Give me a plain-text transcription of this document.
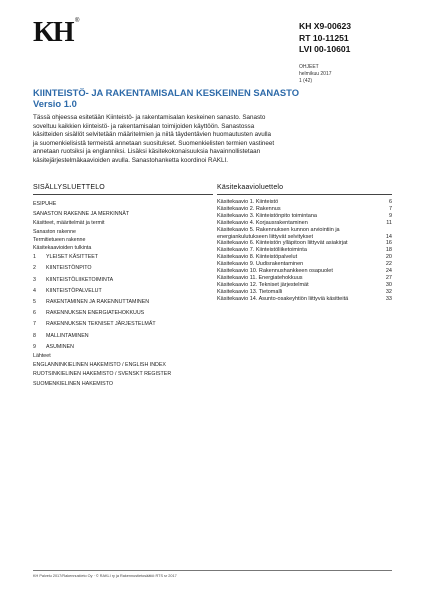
KH ®	KH X9-00623
RT 10-11251
LVI 00-10601
OHJEET
helmikuu 2017
1 (42)
KIINTEISTÖ- JA RAKENTAMISALAN KESKEINEN SANASTO
Versio 1.0
Tässä ohjeessa esitetään Kiinteistö- ja rakentamisalan keskeinen sanasto. Sanasto
soveltuu kaikkien kiinteistö- ja rakentamisalan toimijoiden käyttöön. Sanastossa
käsitteiden sisällöt selvitetään määritelmien ja niitä täydentävien huomautusten avulla
ja suomenkielisistä termeistä annetaan suositukset. Suomenkielisten termien vastineet
annetaan ruotsiksi ja englanniksi. Lisäksi käsitekokonaisuuksia havainnollistetaan
käsitejärjestelmäkaavioiden avulla. Sanastohanketta koordinoi RAKLI.
SISÄLLYSLUETTELO
ESIPUHE
SANASTON RAKENNE JA MERKINNÄT
Käsitteet, määritelmät ja termit
Sanaston rakenne
Termitietueen rakenne
Käsitekaavioiden tulkinta
1 YLEISET KÄSITTEET
2 KIINTEISTÖNPITO
3 KIINTEISTÖLIIKETOIMINTA
4 KIINTEISTÖPALVELUT
5 RAKENTAMINEN JA RAKENNUTTAMINEN
6 RAKENNUKSEN ENERGIATEHOKKUUS
7 RAKENNUKSEN TEKNISET JÄRJESTELMÄT
8 MALLINTAMINEN
9 ASUMINEN
Lähteet
ENGLANNINKIELINEN HAKEMISTO / ENGLISH INDEX
RUOTSINKIELINEN HAKEMISTO / SVENSKT REGISTER
SUOMENKIELINEN HAKEMISTO
Käsitekaavioluettelo
Käsitekaavio 1. Kiinteistö	6
Käsitekaavio 2. Rakennus	7
Käsitekaavio 3. Kiinteistönpito toimintana	9
Käsitekaavio 4. Korjausrakentaminen	11
Käsitekaavio 5. Rakennuksen kunnon arviointiin ja
energiankulutukseen liittyvät selvitykset	14
Käsitekaavio 6. Kiinteistön ylläpitoon liittyvät asiakirjat	16
Käsitekaavio 7. Kiinteistöliiketoiminta	18
Käsitekaavio 8. Kiinteistöpalvelut	20
Käsitekaavio 9. Uudisrakentaminen	22
Käsitekaavio 10. Rakennushankkeen osapuolet	24
Käsitekaavio 11. Energiatehokkuus	27
Käsitekaavio 12. Tekniset järjestelmät	30
Käsitekaavio 13. Tietomalli	32
Käsitekaavio 14. Asunto-osakeyhtiön liittyviä käsitteitä	33
KH Palvelu 2017/Rakennustieto Oy · © RAKLI ry ja Rakennustietosäätiö RTS sr 2017
